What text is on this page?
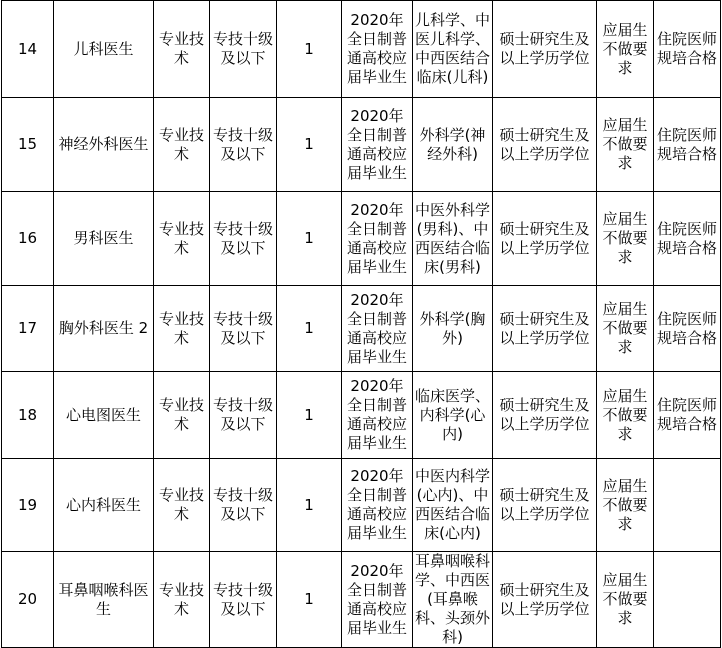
14	儿科医生	专业技术	专技十级及以下	1	2020年全日制普通高校应届毕业生	儿科学、中医儿科学、中西医结合临床(儿科)	硕士研究生及以上学历学位	应届生不做要求	住院医师规培合格
15	神经外科医生	专业技术	专技十级及以下	1	2020年全日制普通高校应届毕业生	外科学(神经外科)	硕士研究生及以上学历学位	应届生不做要求	住院医师规培合格
16	男科医生	专业技术	专技十级及以下	1	2020年全日制普通高校应届毕业生	中医外科学(男科)、中西医结合临床(男科)	硕士研究生及以上学历学位	应届生不做要求	住院医师规培合格
17	胸外科医生 2	专业技术	专技十级及以下	1	2020年全日制普通高校应届毕业生	外科学(胸外)	硕士研究生及以上学历学位	应届生不做要求	住院医师规培合格
18	心电图医生	专业技术	专技十级及以下	1	2020年全日制普通高校应届毕业生	临床医学、内科学(心内)	硕士研究生及以上学历学位	应届生不做要求	住院医师规培合格
19	心内科医生	专业技术	专技十级及以下	1	2020年全日制普通高校应届毕业生	中医内科学(心内)、中西医结合临床(心内)	硕士研究生及以上学历学位	应届生不做要求	
20	耳鼻咽喉科医生	专业技术	专技十级及以下	1	2020年全日制普通高校应届毕业生	耳鼻咽喉科学、中西医(耳鼻喉科、头颈外科)	硕士研究生及以上学历学位	应届生不做要求	
